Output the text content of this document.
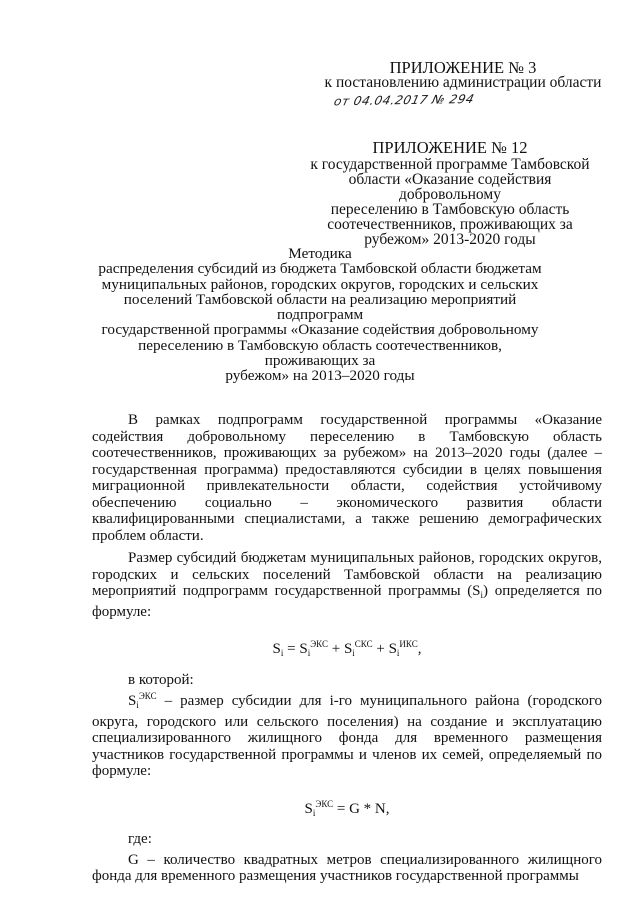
ПРИЛОЖЕНИЕ № 3
к постановлению администрации области
от 04.04.2017 № 294
ПРИЛОЖЕНИЕ № 12
к государственной программе Тамбовской
области «Оказание содействия добровольному
переселению в Тамбовскую область
соотечественников, проживающих за
рубежом» 2013-2020 годы
Методика
распределения субсидий из бюджета Тамбовской области бюджетам
муниципальных районов, городских округов, городских и сельских
поселений Тамбовской области на реализацию мероприятий подпрограмм
государственной программы «Оказание содействия добровольному
переселению в Тамбовскую область соотечественников, проживающих за
рубежом» на 2013–2020 годы

В рамках подпрограмм государственной программы «Оказание содействия добровольному переселению в Тамбовскую область соотечественников, проживающих за рубежом» на 2013–2020 годы (далее – государственная программа) предоставляются субсидии в целях повышения миграционной привлекательности области, содействия устойчивому обеспечению социально – экономического развития области квалифицированными специалистами, а также решению демографических проблем области.

Размер субсидий бюджетам муниципальных районов, городских округов, городских и сельских поселений Тамбовской области на реализацию мероприятий подпрограмм государственной программы $(S_i)$ определяется по формуле:

$S_i = S_i^{ЭКС} + S_i^{СКС} + S_i^{ИКС}$,
в которой:

$S_i^{ЭКС}$ – размер субсидии для i-го муниципального района (городского округа, городского или сельского поселения) на создание и эксплуатацию специализированного жилищного фонда для временного размещения участников государственной программы и членов их семей, определяемый по формуле:

$S_i^{ЭКС} = G * N$,
где:

G – количество квадратных метров специализированного жилищного фонда для временного размещения участников государственной программы
